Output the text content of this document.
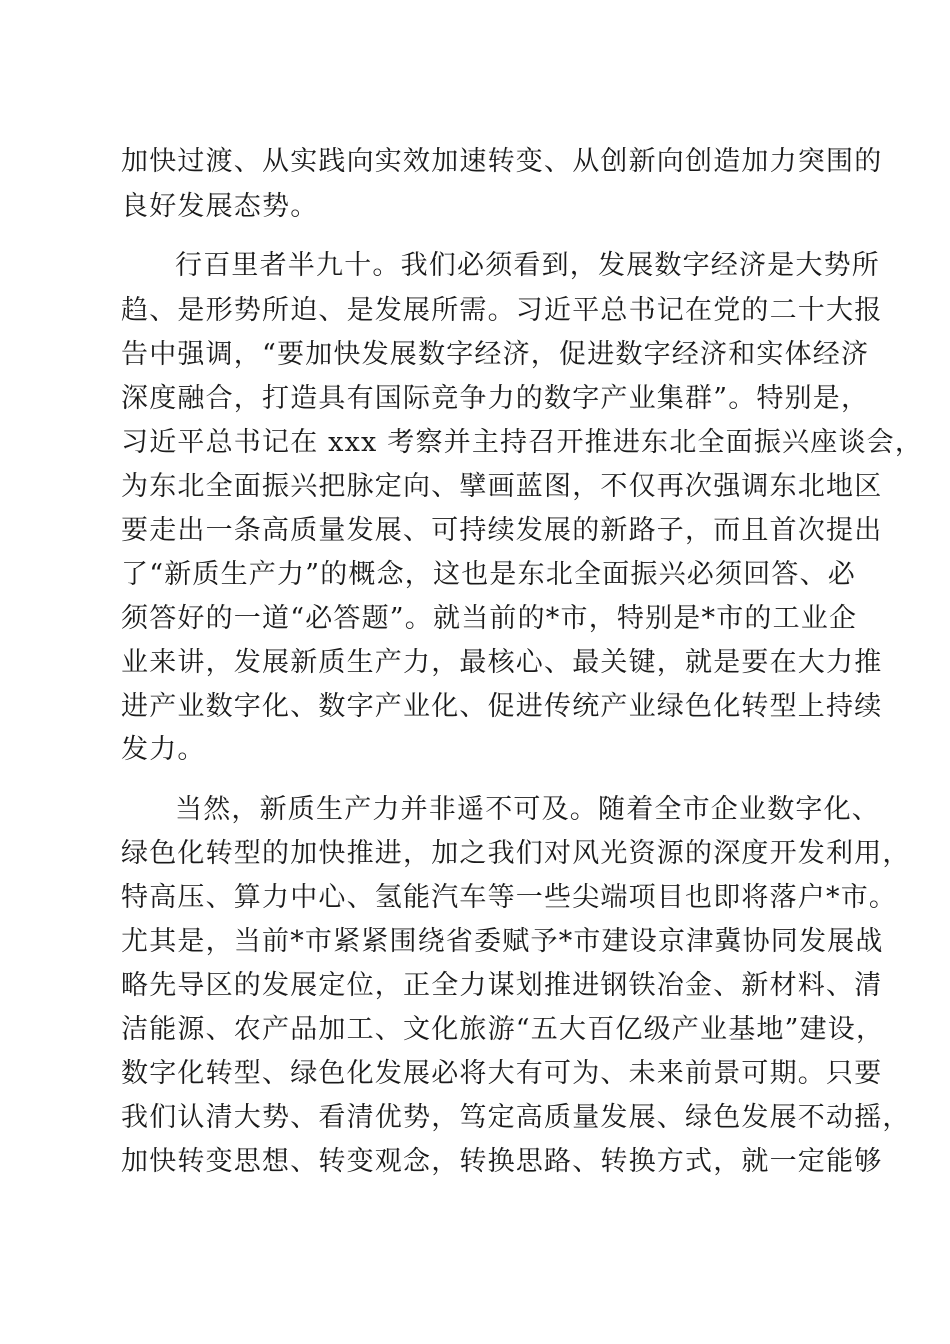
加快过渡、从实践向实效加速转变、从创新向创造加力突围的
良好发展态势。
行百里者半九十。我们必须看到，发展数字经济是大势所
趋、是形势所迫、是发展所需。习近平总书记在党的二十大报
告中强调，“要加快发展数字经济，促进数字经济和实体经济
深度融合，打造具有国际竞争力的数字产业集群”。特别是，
习近平总书记在 xxx 考察并主持召开推进东北全面振兴座谈会，
为东北全面振兴把脉定向、擘画蓝图，不仅再次强调东北地区
要走出一条高质量发展、可持续发展的新路子，而且首次提出
了“新质生产力”的概念，这也是东北全面振兴必须回答、必
须答好的一道“必答题”。就当前的*市，特别是*市的工业企
业来讲，发展新质生产力，最核心、最关键，就是要在大力推
进产业数字化、数字产业化、促进传统产业绿色化转型上持续
发力。
当然，新质生产力并非遥不可及。随着全市企业数字化、
绿色化转型的加快推进，加之我们对风光资源的深度开发利用，
特高压、算力中心、氢能汽车等一些尖端项目也即将落户*市。
尤其是，当前*市紧紧围绕省委赋予*市建设京津冀协同发展战
略先导区的发展定位，正全力谋划推进钢铁冶金、新材料、清
洁能源、农产品加工、文化旅游“五大百亿级产业基地”建设，
数字化转型、绿色化发展必将大有可为、未来前景可期。只要
我们认清大势、看清优势，笃定高质量发展、绿色发展不动摇，
加快转变思想、转变观念，转换思路、转换方式，就一定能够
